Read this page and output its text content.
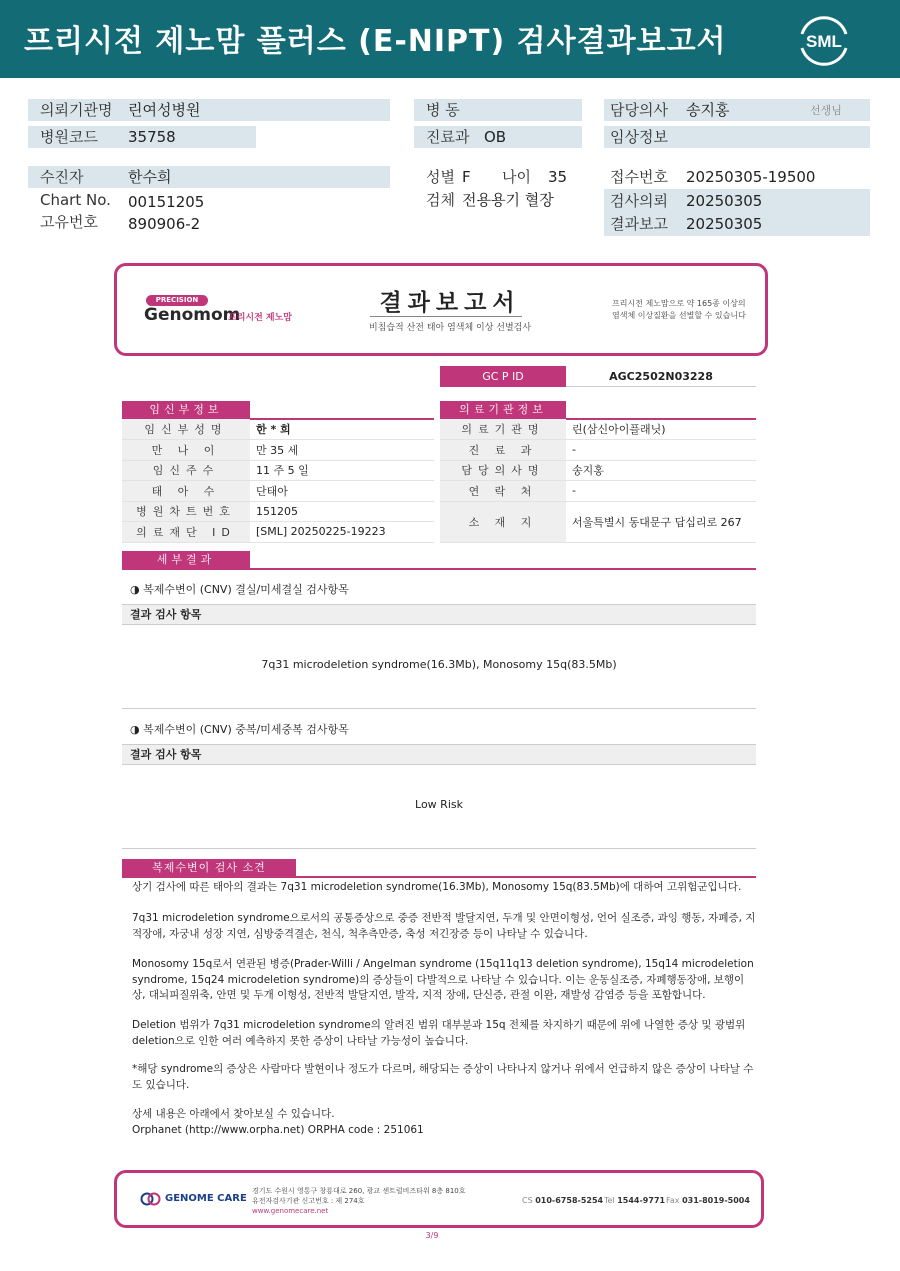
프리시전 제노맘 플러스 (E-NIPT) 검사결과보고서	SML
의뢰기관명 린여성병원
병원코드 35758
수진자	한수희
Chart No. 00151205
고유번호 890906-2
병 동
진료과 OB
성별 F 나이 35
검체 전용용기 혈장
담당의사 송지홍	선생님
임상정보
접수번호 20250305-19500
검사의뢰 20250305
결과보고 20250305
PRECISION
Genomom
프리시전 제노맘
결과보고서
비침습적 산전 태아 염색체 이상 선별검사
프리시전 제노맘으로 약 165종 이상의
염색체 이상질환을 선별할 수 있습니다
GC P ID	AGC2502N03228
임신부정보	의료기관정보
임신부성명	한 * 희
만 나 이	만 35 세
임신주수	11 주 5 일
태 아 수	단태아
병원차트번호	151205
의료재단 ID	[SML] 20250225-19223
의료기관명	린(삼신아이플래닛)
진 료 과	-
담당의사명	송지홍
연 락 처	-
소 재 지	서울특별시 동대문구 답십리로 267
세부결과
◑ 복제수변이 (CNV) 결실/미세결실 검사항목
결과 검사 항목
7q31 microdeletion syndrome(16.3Mb), Monosomy 15q(83.5Mb)
◑ 복제수변이 (CNV) 중복/미세중복 검사항목
결과 검사 항목
Low Risk
복제수변이 검사 소견
상기 검사에 따른 태아의 결과는 7q31 microdeletion syndrome(16.3Mb), Monosomy 15q(83.5Mb)에 대하여 고위험군입니다.
7q31 microdeletion syndrome으로서의 공통증상으로 중증 전반적 발달지연, 두개 및 안면이형성, 언어 실조증, 과잉 행동, 자폐증, 지적장애, 자궁내 성장 지연, 심방중격결손, 천식, 척추측만증, 축성 저긴장증 등이 나타날 수 있습니다.
Monosomy 15q로서 연관된 병증(Prader-Willi / Angelman syndrome (15q11q13 deletion syndrome), 15q14 microdeletion syndrome, 15q24 microdeletion syndrome)의 증상들이 다발적으로 나타날 수 있습니다. 이는 운동실조증, 자폐행동장애, 보행이상, 대뇌피질위축, 안면 및 두개 이형성, 전반적 발달지연, 발작, 지적 장애, 단신증, 관절 이완, 재발성 감염증 등을 포함합니다.
Deletion 범위가 7q31 microdeletion syndrome의 알려진 범위 대부분과 15q 전체를 차지하기 때문에 위에 나열한 증상 및 광범위 deletion으로 인한 여러 예측하지 못한 증상이 나타날 가능성이 높습니다.
*해당 syndrome의 증상은 사람마다 발현이나 정도가 다르며, 해당되는 증상이 나타나지 않거나 위에서 언급하지 않은 증상이 나타날 수도 있습니다.
상세 내용은 아래에서 찾아보실 수 있습니다.
Orphanet (http://www.orpha.net) ORPHA code : 251061
GENOME CARE
경기도 수원시 영통구 창룡대로 260, 광교 센트럴비즈타워 8층 810호
유전자검사기관 신고번호 : 제 274호
www.genomecare.net
CS 010-6758-5254 Tel 1544-9771 Fax 031-8019-5004
3/9
